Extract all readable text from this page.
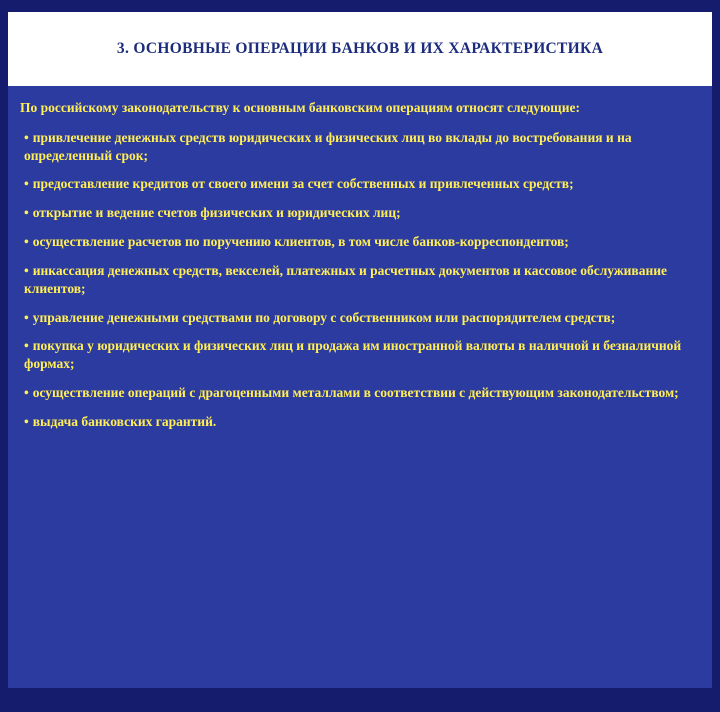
3. ОСНОВНЫЕ ОПЕРАЦИИ БАНКОВ И ИХ ХАРАКТЕРИСТИКА

По российскому законодательству к основным банковским операциям относят следующие:

• привлечение денежных средств юридических и физических лиц во вклады до востребования и на определенный срок;

• предоставление кредитов от своего имени за счет собственных и привлеченных средств;

• открытие и ведение счетов физических и юридических лиц;

• осуществление расчетов по поручению клиентов, в том числе банков-корреспондентов;

• инкассация денежных средств, векселей, платежных и расчетных документов и кассовое обслуживание клиентов;

• управление денежными средствами по договору с собственником или распорядителем средств;

• покупка у юридических и физических лиц и продажа им иностранной валюты в наличной и безналичной формах;

• осуществление операций с драгоценными металлами в соответствии с действующим законодательством;

• выдача банковских гарантий.
